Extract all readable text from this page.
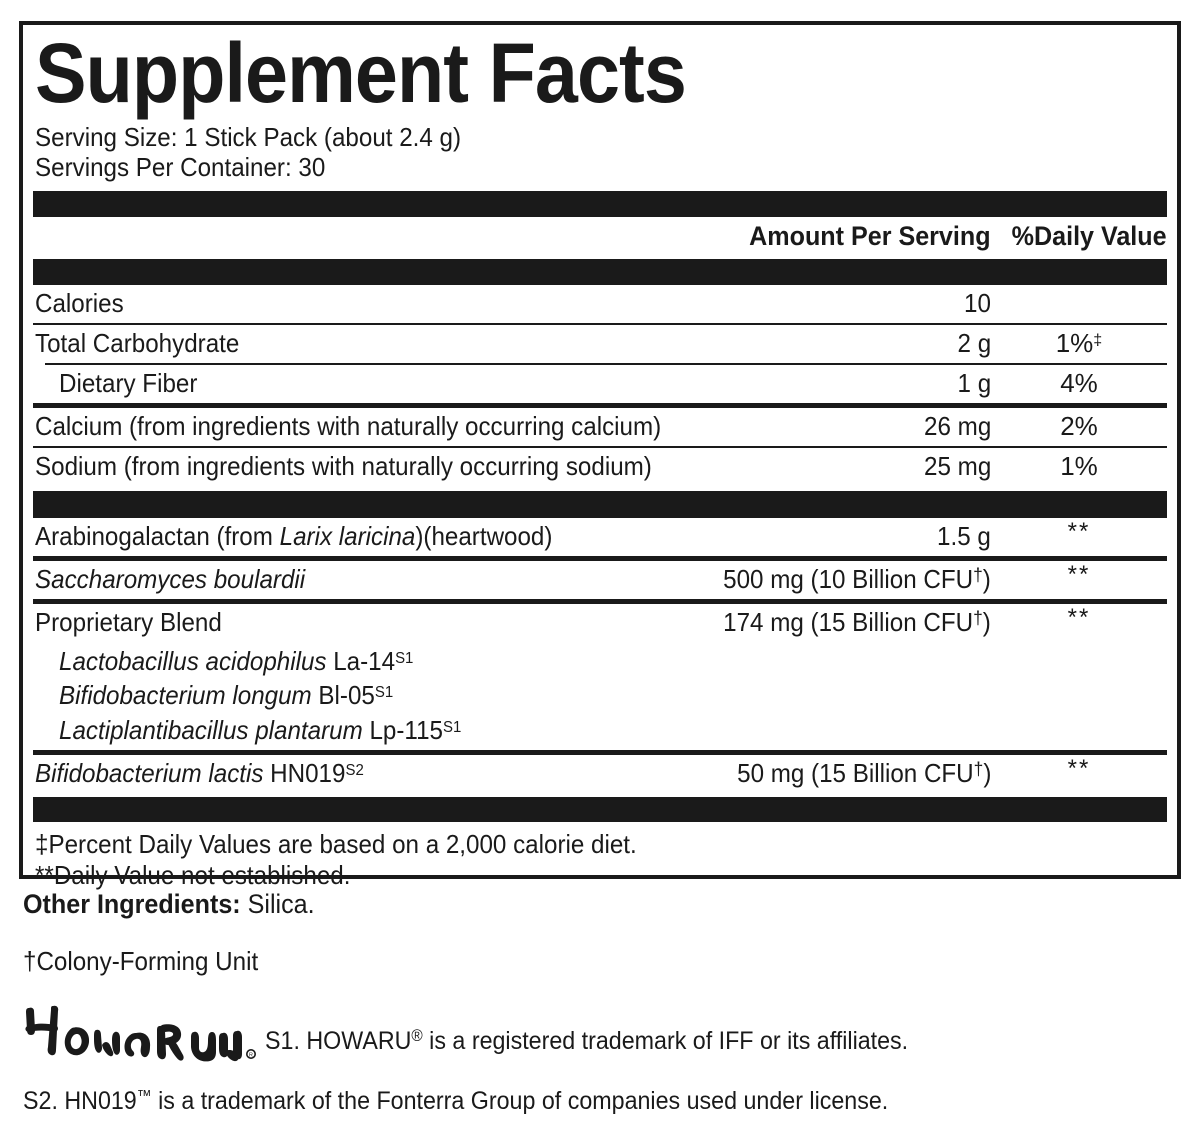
Supplement Facts
Serving Size: 1 Stick Pack (about 2.4 g)
Servings Per Container: 30
Amount Per Serving %Daily Value
Calories	10
Total Carbohydrate	2 g	1%‡
Dietary Fiber	1 g	4%
Calcium (from ingredients with naturally occurring calcium)	26 mg	2%
Sodium (from ingredients with naturally occurring sodium)	25 mg	1%
Arabinogalactan (from Larix laricina)(heartwood)	1.5 g	**
Saccharomyces boulardii	500 mg (10 Billion CFU†)	**
Proprietary Blend	174 mg (15 Billion CFU†)	**
Lactobacillus acidophilus La-14$^{S1}$
Bifidobacterium longum Bl-05$^{S1}$
Lactiplantibacillus plantarum Lp-115$^{S1}$
Bifidobacterium lactis HN019$^{S2}$	50 mg (15 Billion CFU†)	**
‡Percent Daily Values are based on a 2,000 calorie diet.
**Daily Value not established.
Other Ingredients: Silica.
†Colony-Forming Unit
R
S1. HOWARU® is a registered trademark of IFF or its affiliates.
S2. HN019™ is a trademark of the Fonterra Group of companies used under license.
